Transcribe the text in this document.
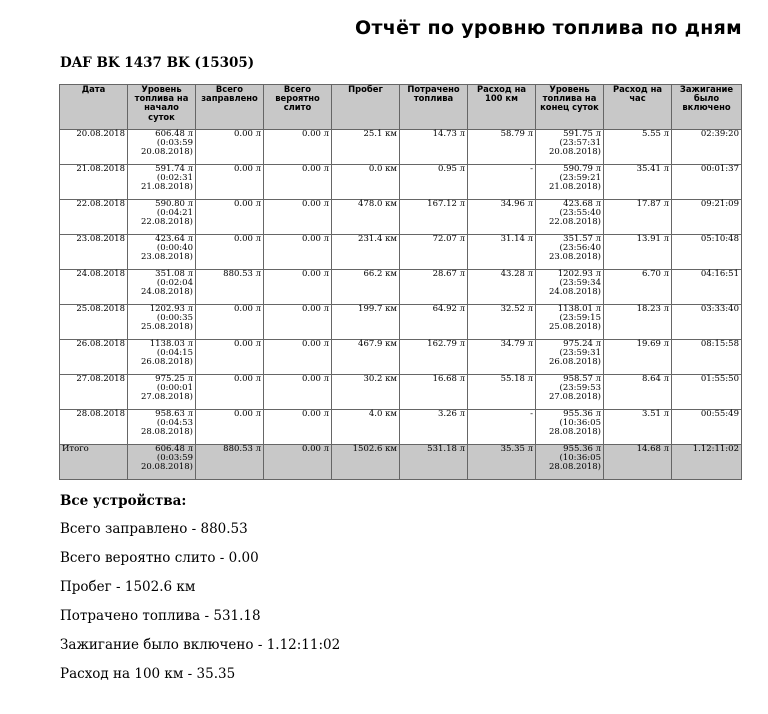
Отчёт по уровню топлива по дням
DAF BK 1437 BK (15305)
Дата	Уровень топлива на начало суток	Всего заправлено	Всего вероятно слито	Пробег	Потрачено топлива	Расход на 100 км	Уровень топлива на конец суток	Расход на час	Зажигание было включено

20.08.2018	606.48 л
(0:03:59
20.08.2018)	0.00 л	0.00 л	25.1 км	14.73 л	58.79 л	591.75 л
(23:57:31
20.08.2018)	5.55 л	02:39:20

21.08.2018	591.74 л
(0:02:31
21.08.2018)	0.00 л	0.00 л	0.0 км	0.95 л	-	590.79 л
(23:59:21
21.08.2018)	35.41 л	00:01:37

22.08.2018	590.80 л
(0:04:21
22.08.2018)	0.00 л	0.00 л	478.0 км	167.12 л	34.96 л	423.68 л
(23:55:40
22.08.2018)	17.87 л	09:21:09

23.08.2018	423.64 л
(0:00:40
23.08.2018)	0.00 л	0.00 л	231.4 км	72.07 л	31.14 л	351.57 л
(23:56:40
23.08.2018)	13.91 л	05:10:48

24.08.2018	351.08 л
(0:02:04
24.08.2018)	880.53 л	0.00 л	66.2 км	28.67 л	43.28 л	1202.93 л
(23:59:34
24.08.2018)	6.70 л	04:16:51

25.08.2018	1202.93 л
(0:00:35
25.08.2018)	0.00 л	0.00 л	199.7 км	64.92 л	32.52 л	1138.01 л
(23:59:15
25.08.2018)	18.23 л	03:33:40

26.08.2018	1138.03 л
(0:04:15
26.08.2018)	0.00 л	0.00 л	467.9 км	162.79 л	34.79 л	975.24 л
(23:59:31
26.08.2018)	19.69 л	08:15:58

27.08.2018	975.25 л
(0:00:01
27.08.2018)	0.00 л	0.00 л	30.2 км	16.68 л	55.18 л	958.57 л
(23:59:53
27.08.2018)	8.64 л	01:55:50

28.08.2018	958.63 л
(0:04:53
28.08.2018)	0.00 л	0.00 л	4.0 км	3.26 л	-	955.36 л
(10:36:05
28.08.2018)	3.51 л	00:55:49

Итого	606.48 л
(0:03:59
20.08.2018)	880.53 л	0.00 л	1502.6 км	531.18 л	35.35 л	955.36 л
(10:36:05
28.08.2018)	14.68 л	1.12:11:02
Все устройства:

Всего заправлено - 880.53

Всего вероятно слито - 0.00

Пробег - 1502.6 км

Потрачено топлива - 531.18

Зажигание было включено - 1.12:11:02

Расход на 100 км - 35.35
